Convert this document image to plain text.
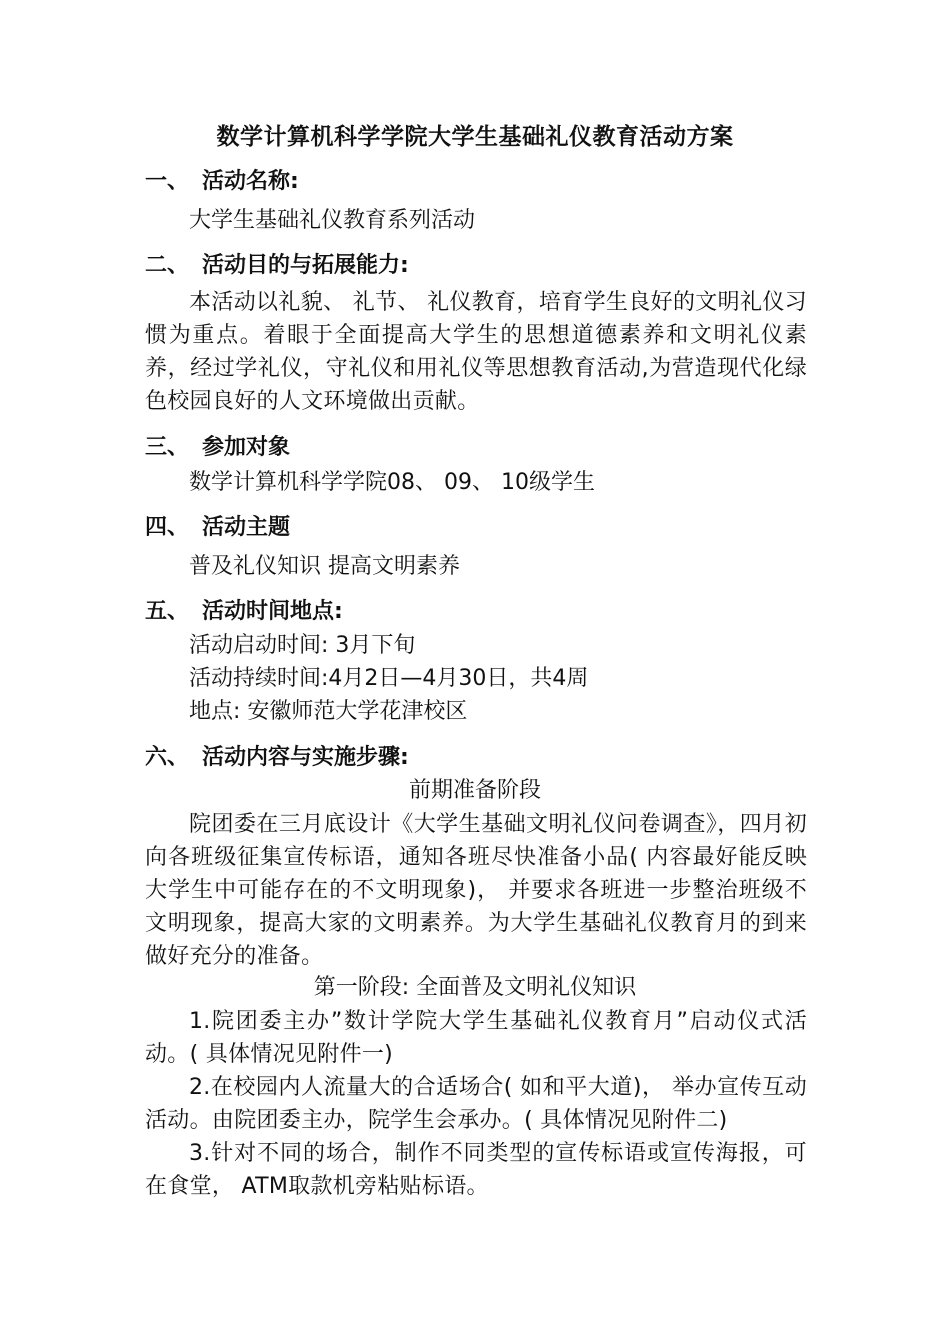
数学计算机科学学院大学生基础礼仪教育活动方案
一、 活动名称:
大学生基础礼仪教育系列活动
二、 活动目的与拓展能力:
本活动以礼貌、 礼节、 礼仪教育，培育学生良好的文明礼仪习惯为重点。着眼于全面提高大学生的思想道德素养和文明礼仪素养，经过学礼仪，守礼仪和用礼仪等思想教育活动,为营造现代化绿色校园良好的人文环境做出贡献。
三、 参加对象
数学计算机科学学院08、 09、 10级学生
四、 活动主题
普及礼仪知识 提高文明素养
五、 活动时间地点:
活动启动时间: 3月下旬
活动持续时间:4月2日—4月30日，共4周
地点: 安徽师范大学花津校区
六、 活动内容与实施步骤:
前期准备阶段
院团委在三月底设计《大学生基础文明礼仪问卷调查》，四月初向各班级征集宣传标语，通知各班尽快准备小品( 内容最好能反映大学生中可能存在的不文明现象)， 并要求各班进一步整治班级不文明现象，提高大家的文明素养。为大学生基础礼仪教育月的到来做好充分的准备。
第一阶段: 全面普及文明礼仪知识
1.院团委主办”数计学院大学生基础礼仪教育月”启动仪式活动。( 具体情况见附件一)
2.在校园内人流量大的合适场合( 如和平大道)， 举办宣传互动活动。由院团委主办，院学生会承办。( 具体情况见附件二)
3.针对不同的场合，制作不同类型的宣传标语或宣传海报，可在食堂， ATM取款机旁粘贴标语。
